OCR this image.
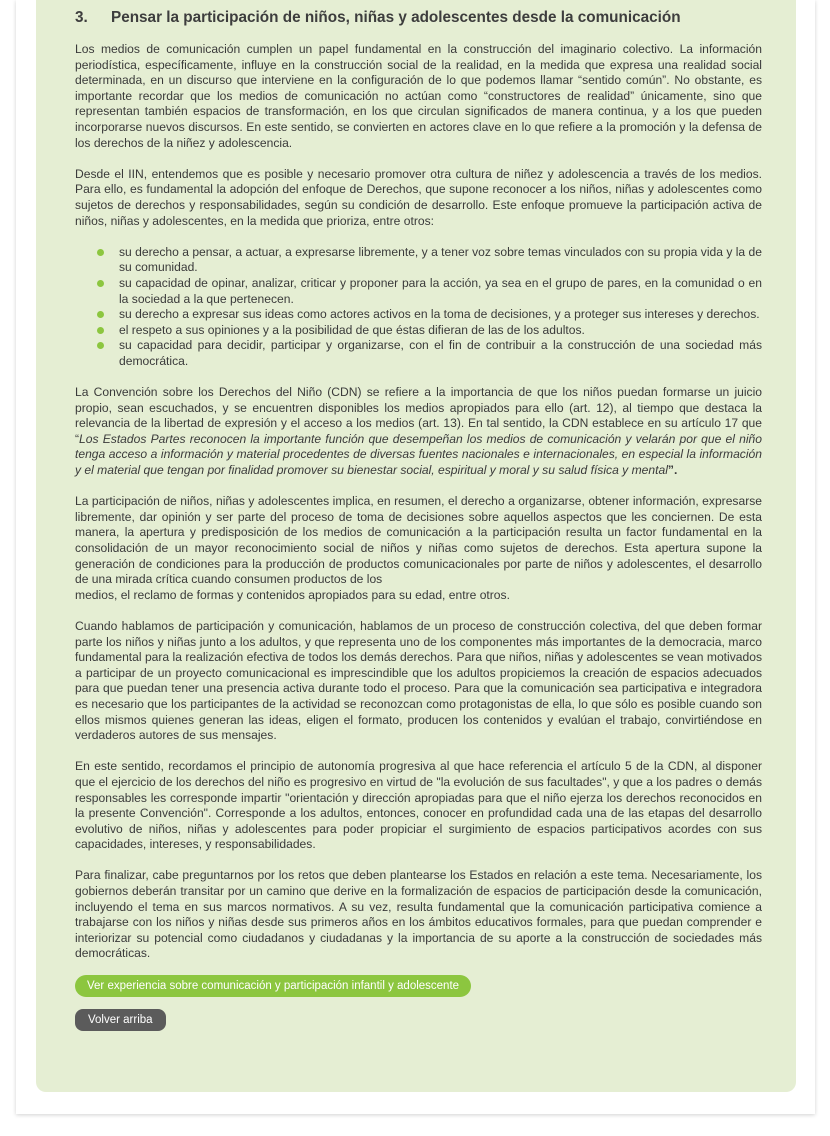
3. Pensar la participación de niños, niñas y adolescentes desde la comunicación

Los medios de comunicación cumplen un papel fundamental en la construcción del imaginario colectivo. La información periodística, específicamente, influye en la construcción social de la realidad, en la medida que expresa una realidad social determinada, en un discurso que interviene en la configuración de lo que podemos llamar “sentido común”. No obstante, es importante recordar que los medios de comunicación no actúan como “constructores de realidad” únicamente, sino que representan también espacios de transformación, en los que circulan significados de manera continua, y a los que pueden incorporarse nuevos discursos. En este sentido, se convierten en actores clave en lo que refiere a la promoción y la defensa de los derechos de la niñez y adolescencia.

Desde el IIN, entendemos que es posible y necesario promover otra cultura de niñez y adolescencia a través de los medios. Para ello, es fundamental la adopción del enfoque de Derechos, que supone reconocer a los niños, niñas y adolescentes como sujetos de derechos y responsabilidades, según su condición de desarrollo. Este enfoque promueve la participación activa de niños, niñas y adolescentes, en la medida que prioriza, entre otros:

su derecho a pensar, a actuar, a expresarse libremente, y a tener voz sobre temas vinculados con su propia vida y la de su comunidad.
su capacidad de opinar, analizar, criticar y proponer para la acción, ya sea en el grupo de pares, en la comunidad o en la sociedad a la que pertenecen.
su derecho a expresar sus ideas como actores activos en la toma de decisiones, y a proteger sus intereses y derechos.
el respeto a sus opiniones y a la posibilidad de que éstas difieran de las de los adultos.
su capacidad para decidir, participar y organizarse, con el fin de contribuir a la construcción de una sociedad más democrática.

La Convención sobre los Derechos del Niño (CDN) se refiere a la importancia de que los niños puedan formarse un juicio propio, sean escuchados, y se encuentren disponibles los medios apropiados para ello (art. 12), al tiempo que destaca la relevancia de la libertad de expresión y el acceso a los medios (art. 13). En tal sentido, la CDN establece en su artículo 17 que “Los Estados Partes reconocen la importante función que desempeñan los medios de comunicación y velarán por que el niño tenga acceso a información y material procedentes de diversas fuentes nacionales e internacionales, en especial la información y el material que tengan por finalidad promover su bienestar social, espiritual y moral y su salud física y mental”.

La participación de niños, niñas y adolescentes implica, en resumen, el derecho a organizarse, obtener información, expresarse libremente, dar opinión y ser parte del proceso de toma de decisiones sobre aquellos aspectos que les conciernen. De esta manera, la apertura y predisposición de los medios de comunicación a la participación resulta un factor fundamental en la consolidación de un mayor reconocimiento social de niños y niñas como sujetos de derechos. Esta apertura supone la generación de condiciones para la producción de productos comunicacionales por parte de niños y adolescentes, el desarrollo de una mirada crítica cuando consumen productos de los
medios, el reclamo de formas y contenidos apropiados para su edad, entre otros.

Cuando hablamos de participación y comunicación, hablamos de un proceso de construcción colectiva, del que deben formar parte los niños y niñas junto a los adultos, y que representa uno de los componentes más importantes de la democracia, marco fundamental para la realización efectiva de todos los demás derechos. Para que niños, niñas y adolescentes se vean motivados a participar de un proyecto comunicacional es imprescindible que los adultos propiciemos la creación de espacios adecuados para que puedan tener una presencia activa durante todo el proceso. Para que la comunicación sea participativa e integradora es necesario que los participantes de la actividad se reconozcan como protagonistas de ella, lo que sólo es posible cuando son ellos mismos quienes generan las ideas, eligen el formato, producen los contenidos y evalúan el trabajo, convirtiéndose en verdaderos autores de sus mensajes.

En este sentido, recordamos el principio de autonomía progresiva al que hace referencia el artículo 5 de la CDN, al disponer que el ejercicio de los derechos del niño es progresivo en virtud de "la evolución de sus facultades", y que a los padres o demás responsables les corresponde impartir "orientación y dirección apropiadas para que el niño ejerza los derechos reconocidos en la presente Convención". Corresponde a los adultos, entonces, conocer en profundidad cada una de las etapas del desarrollo evolutivo de niños, niñas y adolescentes para poder propiciar el surgimiento de espacios participativos acordes con sus capacidades, intereses, y responsabilidades.

Para finalizar, cabe preguntarnos por los retos que deben plantearse los Estados en relación a este tema. Necesariamente, los gobiernos deberán transitar por un camino que derive en la formalización de espacios de participación desde la comunicación, incluyendo el tema en sus marcos normativos. A su vez, resulta fundamental que la comunicación participativa comience a trabajarse con los niños y niñas desde sus primeros años en los ámbitos educativos formales, para que puedan comprender e interiorizar su potencial como ciudadanos y ciudadanas y la importancia de su aporte a la construcción de sociedades más democráticas.

Ver experiencia sobre comunicación y participación infantil y adolescente
Volver arriba
